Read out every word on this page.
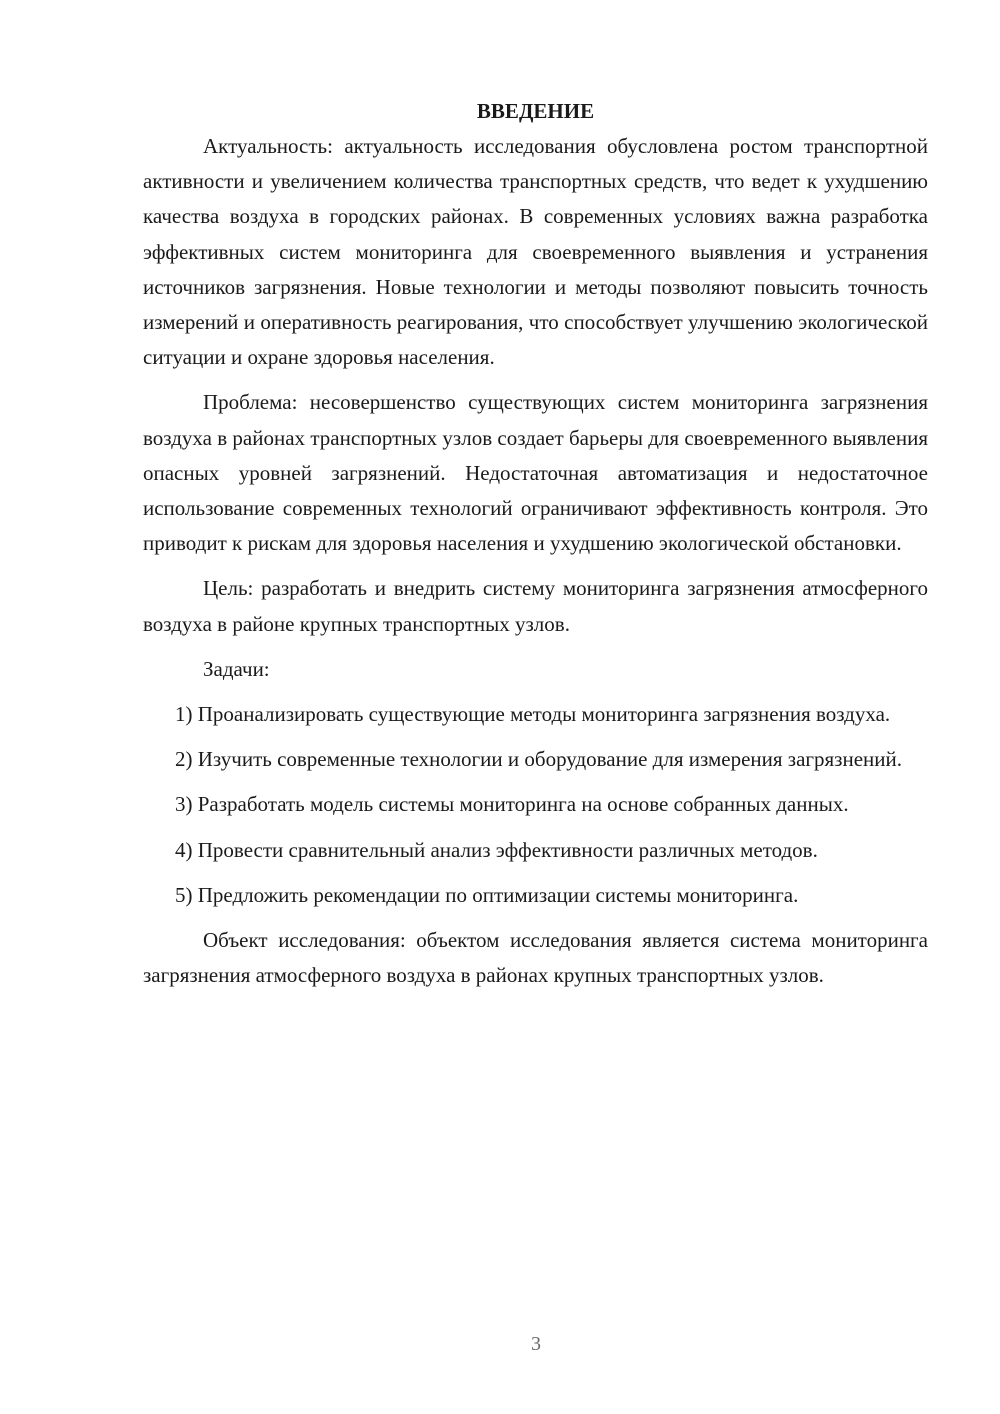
ВВЕДЕНИЕ

Актуальность: актуальность исследования обусловлена ростом транспортной активности и увеличением количества транспортных средств, что ведет к ухудшению качества воздуха в городских районах. В современных условиях важна разработка эффективных систем мониторинга для своевременного выявления и устранения источников загрязнения. Новые технологии и методы позволяют повысить точность измерений и оперативность реагирования, что способствует улучшению экологической ситуации и охране здоровья населения.

Проблема: несовершенство существующих систем мониторинга загрязнения воздуха в районах транспортных узлов создает барьеры для своевременного выявления опасных уровней загрязнений. Недостаточная автоматизация и недостаточное использование современных технологий ограничивают эффективность контроля. Это приводит к рискам для здоровья населения и ухудшению экологической обстановки.

Цель: разработать и внедрить систему мониторинга загрязнения атмосферного воздуха в районе крупных транспортных узлов.

Задачи:

1) Проанализировать существующие методы мониторинга загрязнения воздуха.

2) Изучить современные технологии и оборудование для измерения загрязнений.

3) Разработать модель системы мониторинга на основе собранных данных.

4) Провести сравнительный анализ эффективности различных методов.

5) Предложить рекомендации по оптимизации системы мониторинга.

Объект исследования: объектом исследования является система мониторинга загрязнения атмосферного воздуха в районах крупных транспортных узлов.

3
